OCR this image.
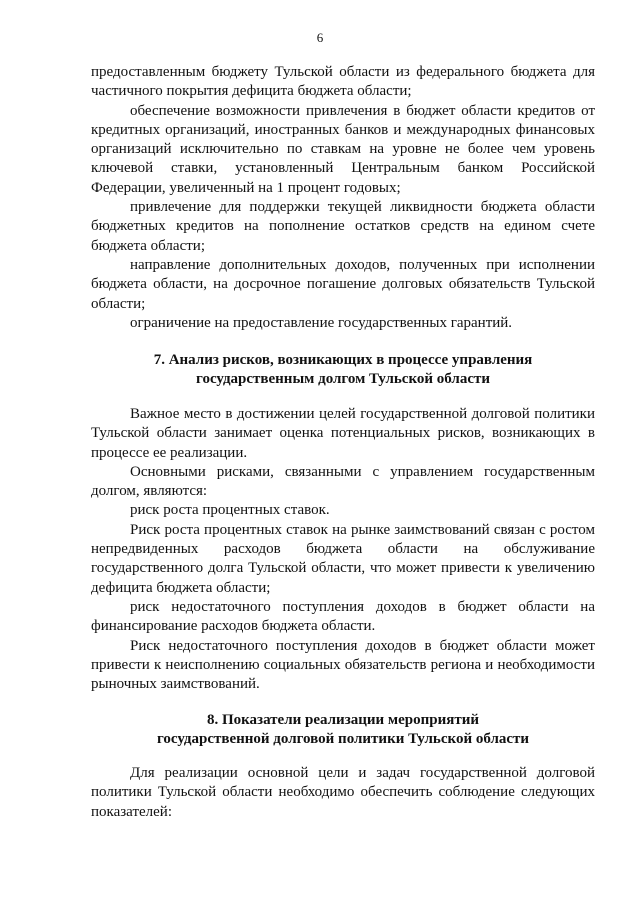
6

предоставленным бюджету Тульской области из федерального бюджета для частичного покрытия дефицита бюджета области;

обеспечение возможности привлечения в бюджет области кредитов от кредитных организаций, иностранных банков и международных финансовых организаций исключительно по ставкам на уровне не более чем уровень ключевой ставки, установленный Центральным банком Российской Федерации, увеличенный на 1 процент годовых;

привлечение для поддержки текущей ликвидности бюджета области бюджетных кредитов на пополнение остатков средств на едином счете бюджета области;

направление дополнительных доходов, полученных при исполнении бюджета области, на досрочное погашение долговых обязательств Тульской области;

ограничение на предоставление государственных гарантий.

7. Анализ рисков, возникающих в процессе управления
государственным долгом Тульской области

Важное место в достижении целей государственной долговой политики Тульской области занимает оценка потенциальных рисков, возникающих в процессе ее реализации.

Основными рисками, связанными с управлением государственным долгом, являются:

риск роста процентных ставок.

Риск роста процентных ставок на рынке заимствований связан с ростом непредвиденных расходов бюджета области на обслуживание государственного долга Тульской области, что может привести к увеличению дефицита бюджета области;

риск недостаточного поступления доходов в бюджет области на финансирование расходов бюджета области.

Риск недостаточного поступления доходов в бюджет области может привести к неисполнению социальных обязательств региона и необходимости рыночных заимствований.

8. Показатели реализации мероприятий
государственной долговой политики Тульской области

Для реализации основной цели и задач государственной долговой политики Тульской области необходимо обеспечить соблюдение следующих показателей:
